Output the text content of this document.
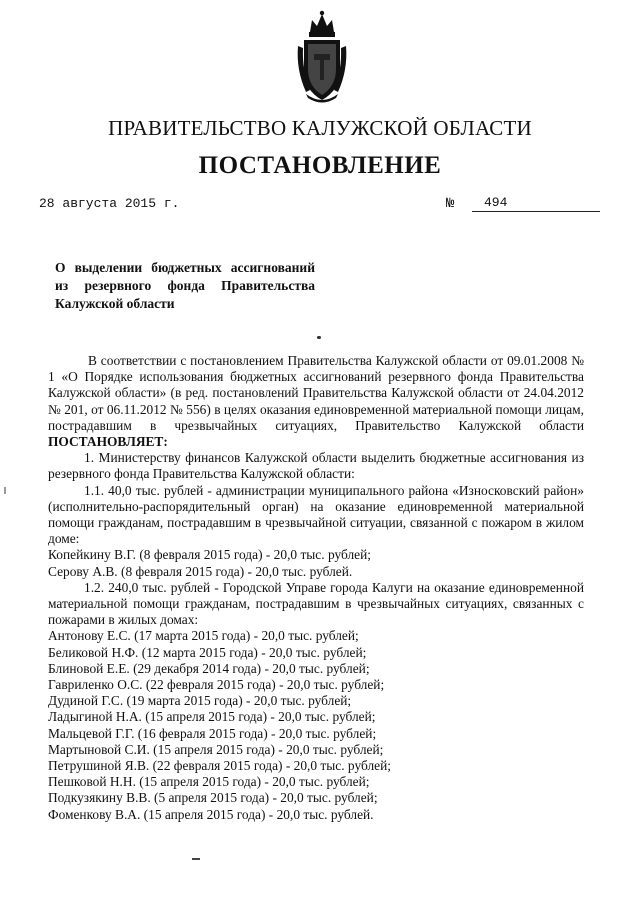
ПРАВИТЕЛЬСТВО КАЛУЖСКОЙ ОБЛАСТИ
ПОСТАНОВЛЕНИЕ
28 августа 2015 г.	№	494
О выделении бюджетных ассигнований
из резервного фонда Правительства
Калужской области

В соответствии с постановлением Правительства Калужской области от 09.01.2008 № 1 «О Порядке использования бюджетных ассигнований резервного фонда Правительства Калужской области» (в ред. постановлений Правительства Калужской области от 24.04.2012 № 201, от 06.11.2012 № 556) в целях оказания единовременной материальной помощи лицам, пострадавшим в чрезвычайных ситуациях, Правительство Калужской области ПОСТАНОВЛЯЕТ:

1. Министерству финансов Калужской области выделить бюджетные ассигнования из резервного фонда Правительства Калужской области:

1.1. 40,0 тыс. рублей - администрации муниципального района «Износковский район» (исполнительно-распорядительный орган) на оказание единовременной материальной помощи гражданам, пострадавшим в чрезвычайной ситуации, связанной с пожаром в жилом доме:

Копейкину В.Г. (8 февраля 2015 года) - 20,0 тыс. рублей;

Серову А.В. (8 февраля 2015 года) - 20,0 тыс. рублей.

1.2. 240,0 тыс. рублей - Городской Управе города Калуги на оказание единовременной материальной помощи гражданам, пострадавшим в чрезвычайных ситуациях, связанных с пожарами в жилых домах:

Антонову Е.С. (17 марта 2015 года) - 20,0 тыс. рублей;

Беликовой Н.Ф. (12 марта 2015 года) - 20,0 тыс. рублей;

Блиновой Е.Е. (29 декабря 2014 года) - 20,0 тыс. рублей;

Гавриленко О.С. (22 февраля 2015 года) - 20,0 тыс. рублей;

Дудиной Г.С. (19 марта 2015 года) - 20,0 тыс. рублей;

Ладыгиной Н.А. (15 апреля 2015 года) - 20,0 тыс. рублей;

Мальцевой Г.Г. (16 февраля 2015 года) - 20,0 тыс. рублей;

Мартыновой С.И. (15 апреля 2015 года) - 20,0 тыс. рублей;

Петрушиной Я.В. (22 февраля 2015 года) - 20,0 тыс. рублей;

Пешковой Н.Н. (15 апреля 2015 года) - 20,0 тыс. рублей;

Подкузякину В.В. (5 апреля 2015 года) - 20,0 тыс. рублей;

Фоменкову В.А. (15 апреля 2015 года) - 20,0 тыс. рублей.
